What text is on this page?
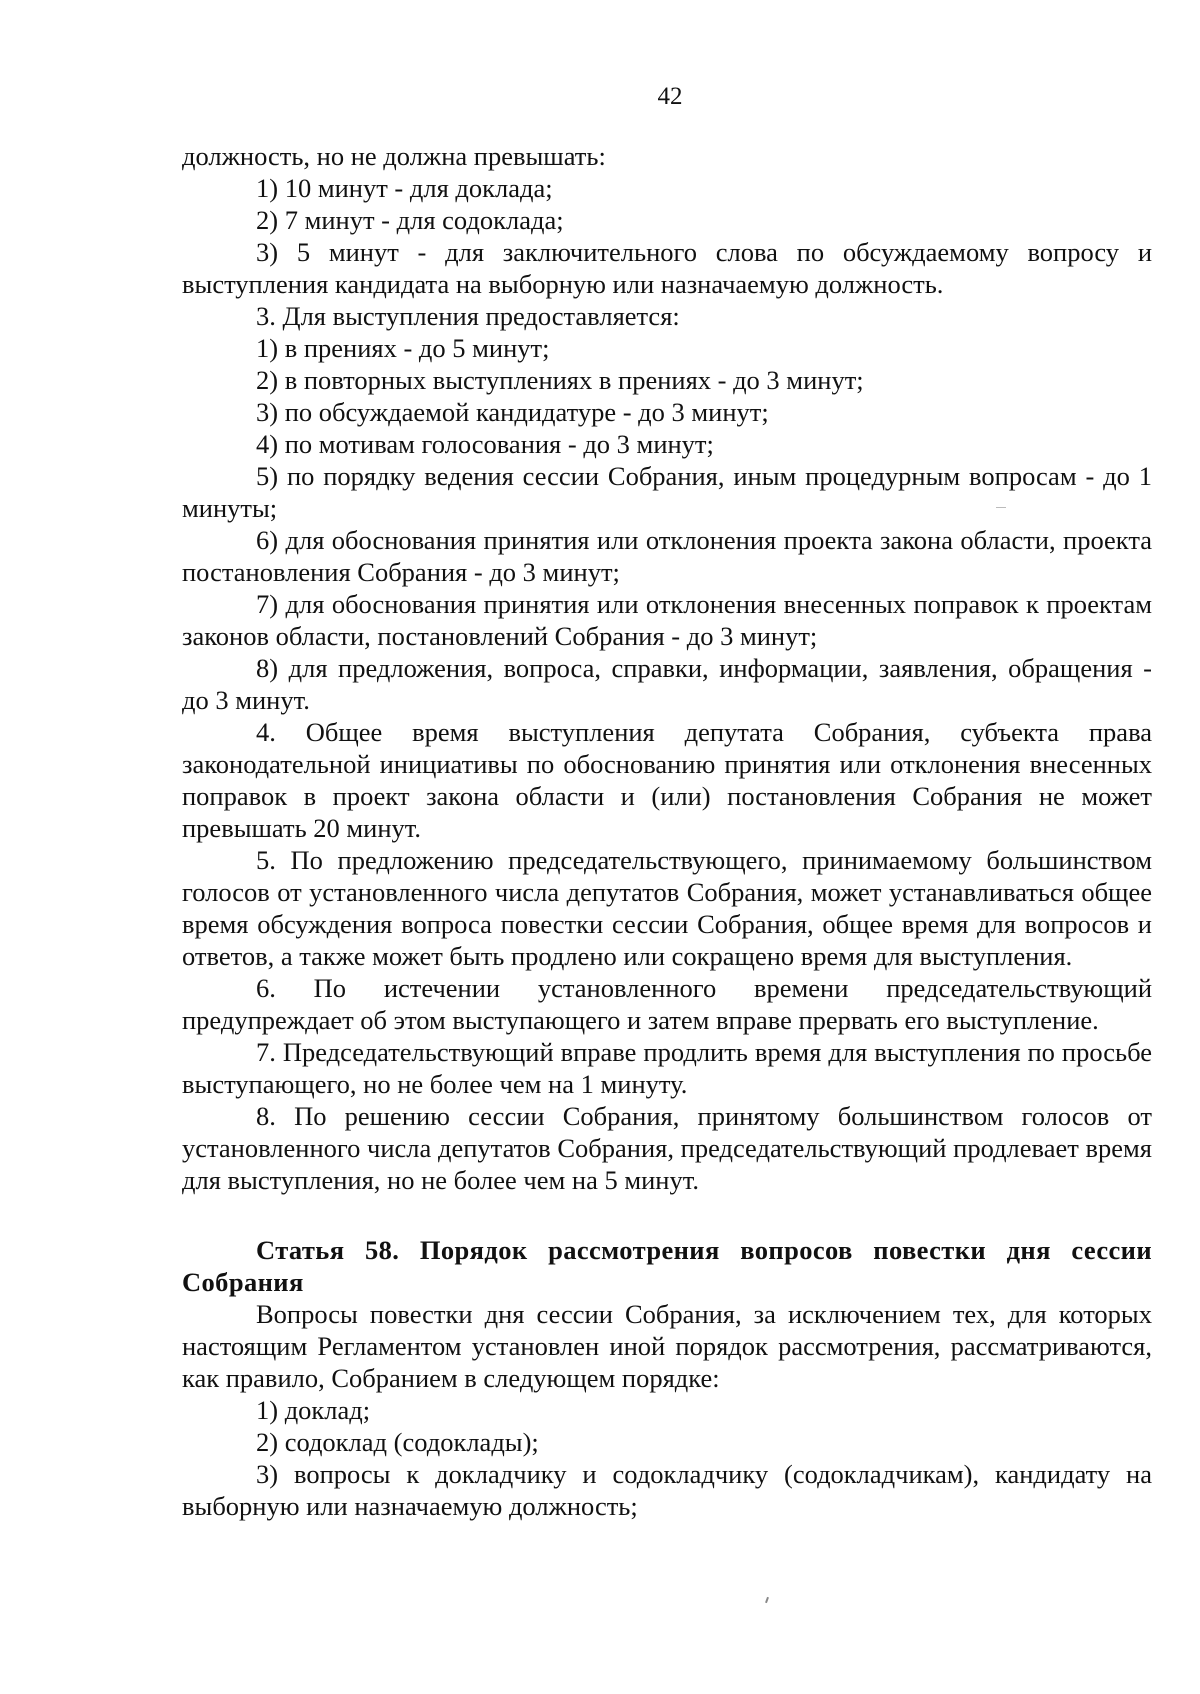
42

должность, но не должна превышать:

1) 10 минут - для доклада;

2) 7 минут - для содоклада;

3) 5 минут - для заключительного слова по обсуждаемому вопросу и выступления кандидата на выборную или назначаемую должность.

3. Для выступления предоставляется:

1) в прениях - до 5 минут;

2) в повторных выступлениях в прениях - до 3 минут;

3) по обсуждаемой кандидатуре - до 3 минут;

4) по мотивам голосования - до 3 минут;

5) по порядку ведения сессии Собрания, иным процедурным вопросам - до 1 минуты;

6) для обоснования принятия или отклонения проекта закона области, проекта постановления Собрания - до 3 минут;

7) для обоснования принятия или отклонения внесенных поправок к проектам законов области, постановлений Собрания - до 3 минут;

8) для предложения, вопроса, справки, информации, заявления, обращения - до 3 минут.

4. Общее время выступления депутата Собрания, субъекта права законодательной инициативы по обоснованию принятия или отклонения внесенных поправок в проект закона области и (или) постановления Собрания не может превышать 20 минут.

5. По предложению председательствующего, принимаемому большинством голосов от установленного числа депутатов Собрания, может устанавливаться общее время обсуждения вопроса повестки сессии Собрания, общее время для вопросов и ответов, а также может быть продлено или сокращено время для выступления.

6. По истечении установленного времени председательствующий предупреждает об этом выступающего и затем вправе прервать его выступление.

7. Председательствующий вправе продлить время для выступления по просьбе выступающего, но не более чем на 1 минуту.

8. По решению сессии Собрания, принятому большинством голосов от установленного числа депутатов Собрания, председательствующий продлевает время для выступления, но не более чем на 5 минут.

Статья 58. Порядок рассмотрения вопросов повестки дня сессии Собрания

Вопросы повестки дня сессии Собрания, за исключением тех, для которых настоящим Регламентом установлен иной порядок рассмотрения, рассматриваются, как правило, Собранием в следующем порядке:

1) доклад;

2) содоклад (содоклады);

3) вопросы к докладчику и содокладчику (содокладчикам), кандидату на выборную или назначаемую должность;
